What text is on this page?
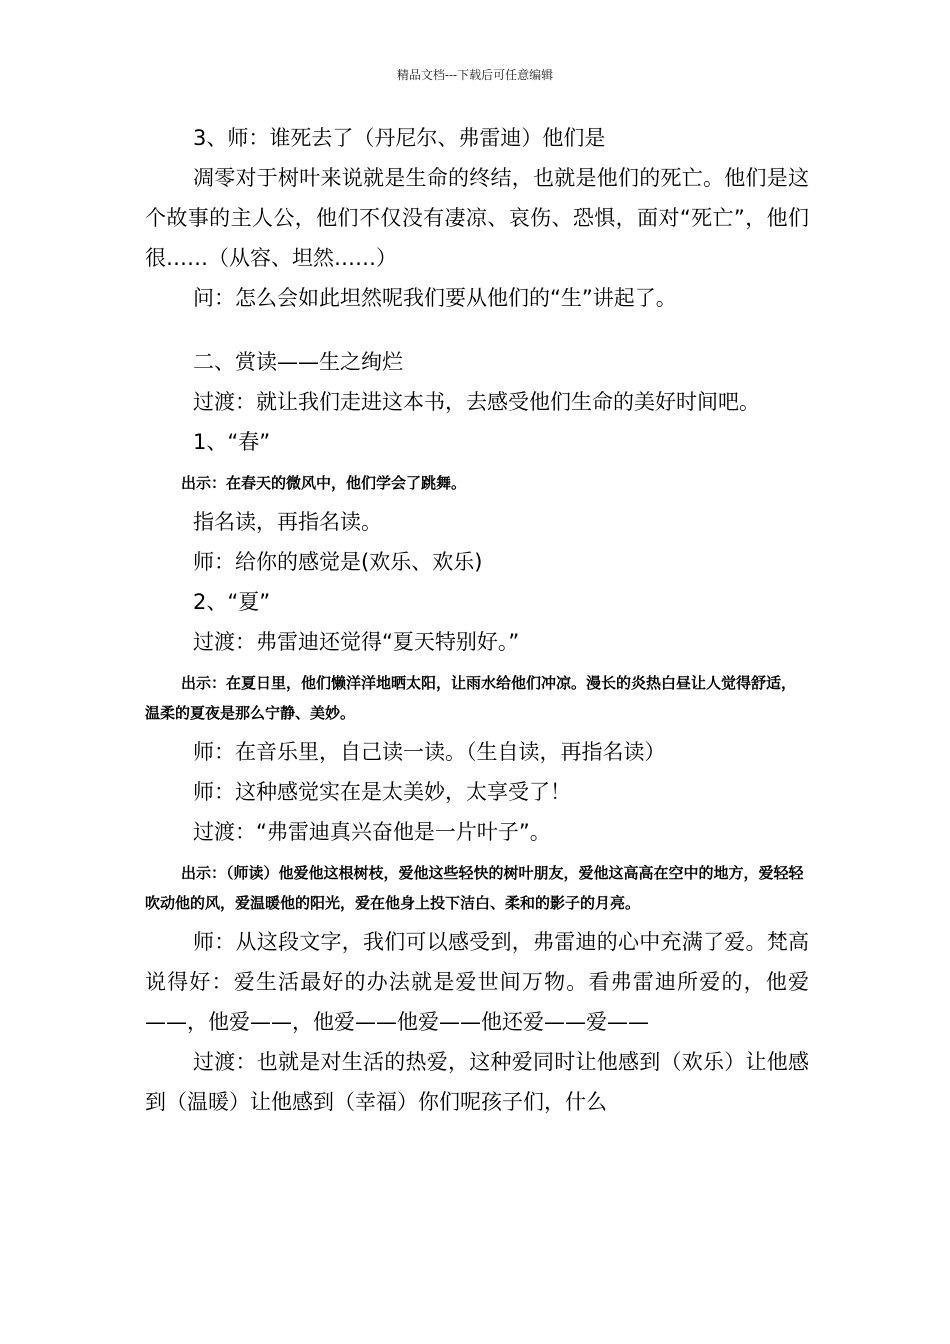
精品文档---下载后可任意编辑

3、师：谁死去了（丹尼尔、弗雷迪）他们是

凋零对于树叶来说就是生命的终结，也就是他们的死亡。他们是这个故事的主人公，他们不仅没有凄凉、哀伤、恐惧，面对“死亡”，他们很……（从容、坦然……）

问：怎么会如此坦然呢我们要从他们的“生”讲起了。

二、赏读——生之绚烂

过渡：就让我们走进这本书，去感受他们生命的美好时间吧。

1、“春”

出示：在春天的微风中，他们学会了跳舞。

指名读，再指名读。

师：给你的感觉是(欢乐、欢乐)

2、“夏”

过渡：弗雷迪还觉得“夏天特别好。”

出示：在夏日里，他们懒洋洋地晒太阳，让雨水给他们冲凉。漫长的炎热白昼让人觉得舒适，温柔的夏夜是那么宁静、美妙。

师：在音乐里，自己读一读。（生自读，再指名读）

师：这种感觉实在是太美妙，太享受了！

过渡：“弗雷迪真兴奋他是一片叶子”。

出示：（师读）他爱他这根树枝，爱他这些轻快的树叶朋友，爱他这高高在空中的地方，爱轻轻吹动他的风，爱温暖他的阳光，爱在他身上投下洁白、柔和的影子的月亮。

师：从这段文字，我们可以感受到，弗雷迪的心中充满了爱。梵高说得好：爱生活最好的办法就是爱世间万物。看弗雷迪所爱的，他爱——，他爱——，他爱——他爱——他还爱——爱——

过渡：也就是对生活的热爱，这种爱同时让他感到（欢乐）让他感到（温暖）让他感到（幸福）你们呢孩子们，什么
